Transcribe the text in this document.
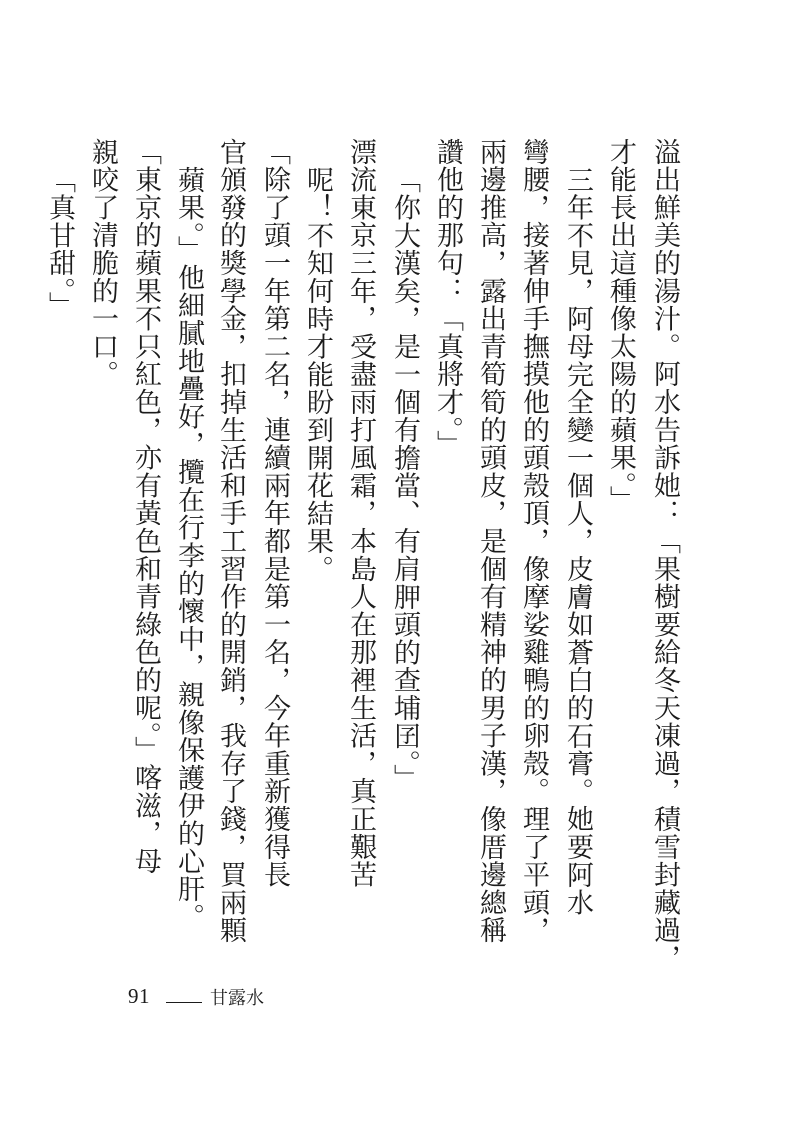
溢出鮮美的湯汁。阿水告訴她：「果樹要給冬天凍過，積雪封藏過，
才能長出這種像太陽的蘋果。」
三年不見，阿母完全變一個人，皮膚如蒼白的石膏。她要阿水
彎腰，接著伸手撫摸他的頭殼頂，像摩娑雞鴨的卵殼。理了平頭，
兩邊推高，露出青筍筍的頭皮，是個有精神的男子漢，像厝邊總稱
讚他的那句：「真將才。」
「你大漢矣，是一個有擔當、有肩胛頭的查埔囝。」
漂流東京三年，受盡雨打風霜，本島人在那裡生活，真正艱苦
呢！不知何時才能盼到開花結果。
「除了頭一年第二名，連續兩年都是第一名，今年重新獲得長
官頒發的獎學金，扣掉生活和手工習作的開銷，我存了錢，買兩顆
蘋果。」他細膩地疊好，攬在行李的懷中，親像保護伊的心肝。
「東京的蘋果不只紅色，亦有黃色和青綠色的呢。」喀滋，母
親咬了清脆的一口。
「真甘甜。」
91	甘露水
